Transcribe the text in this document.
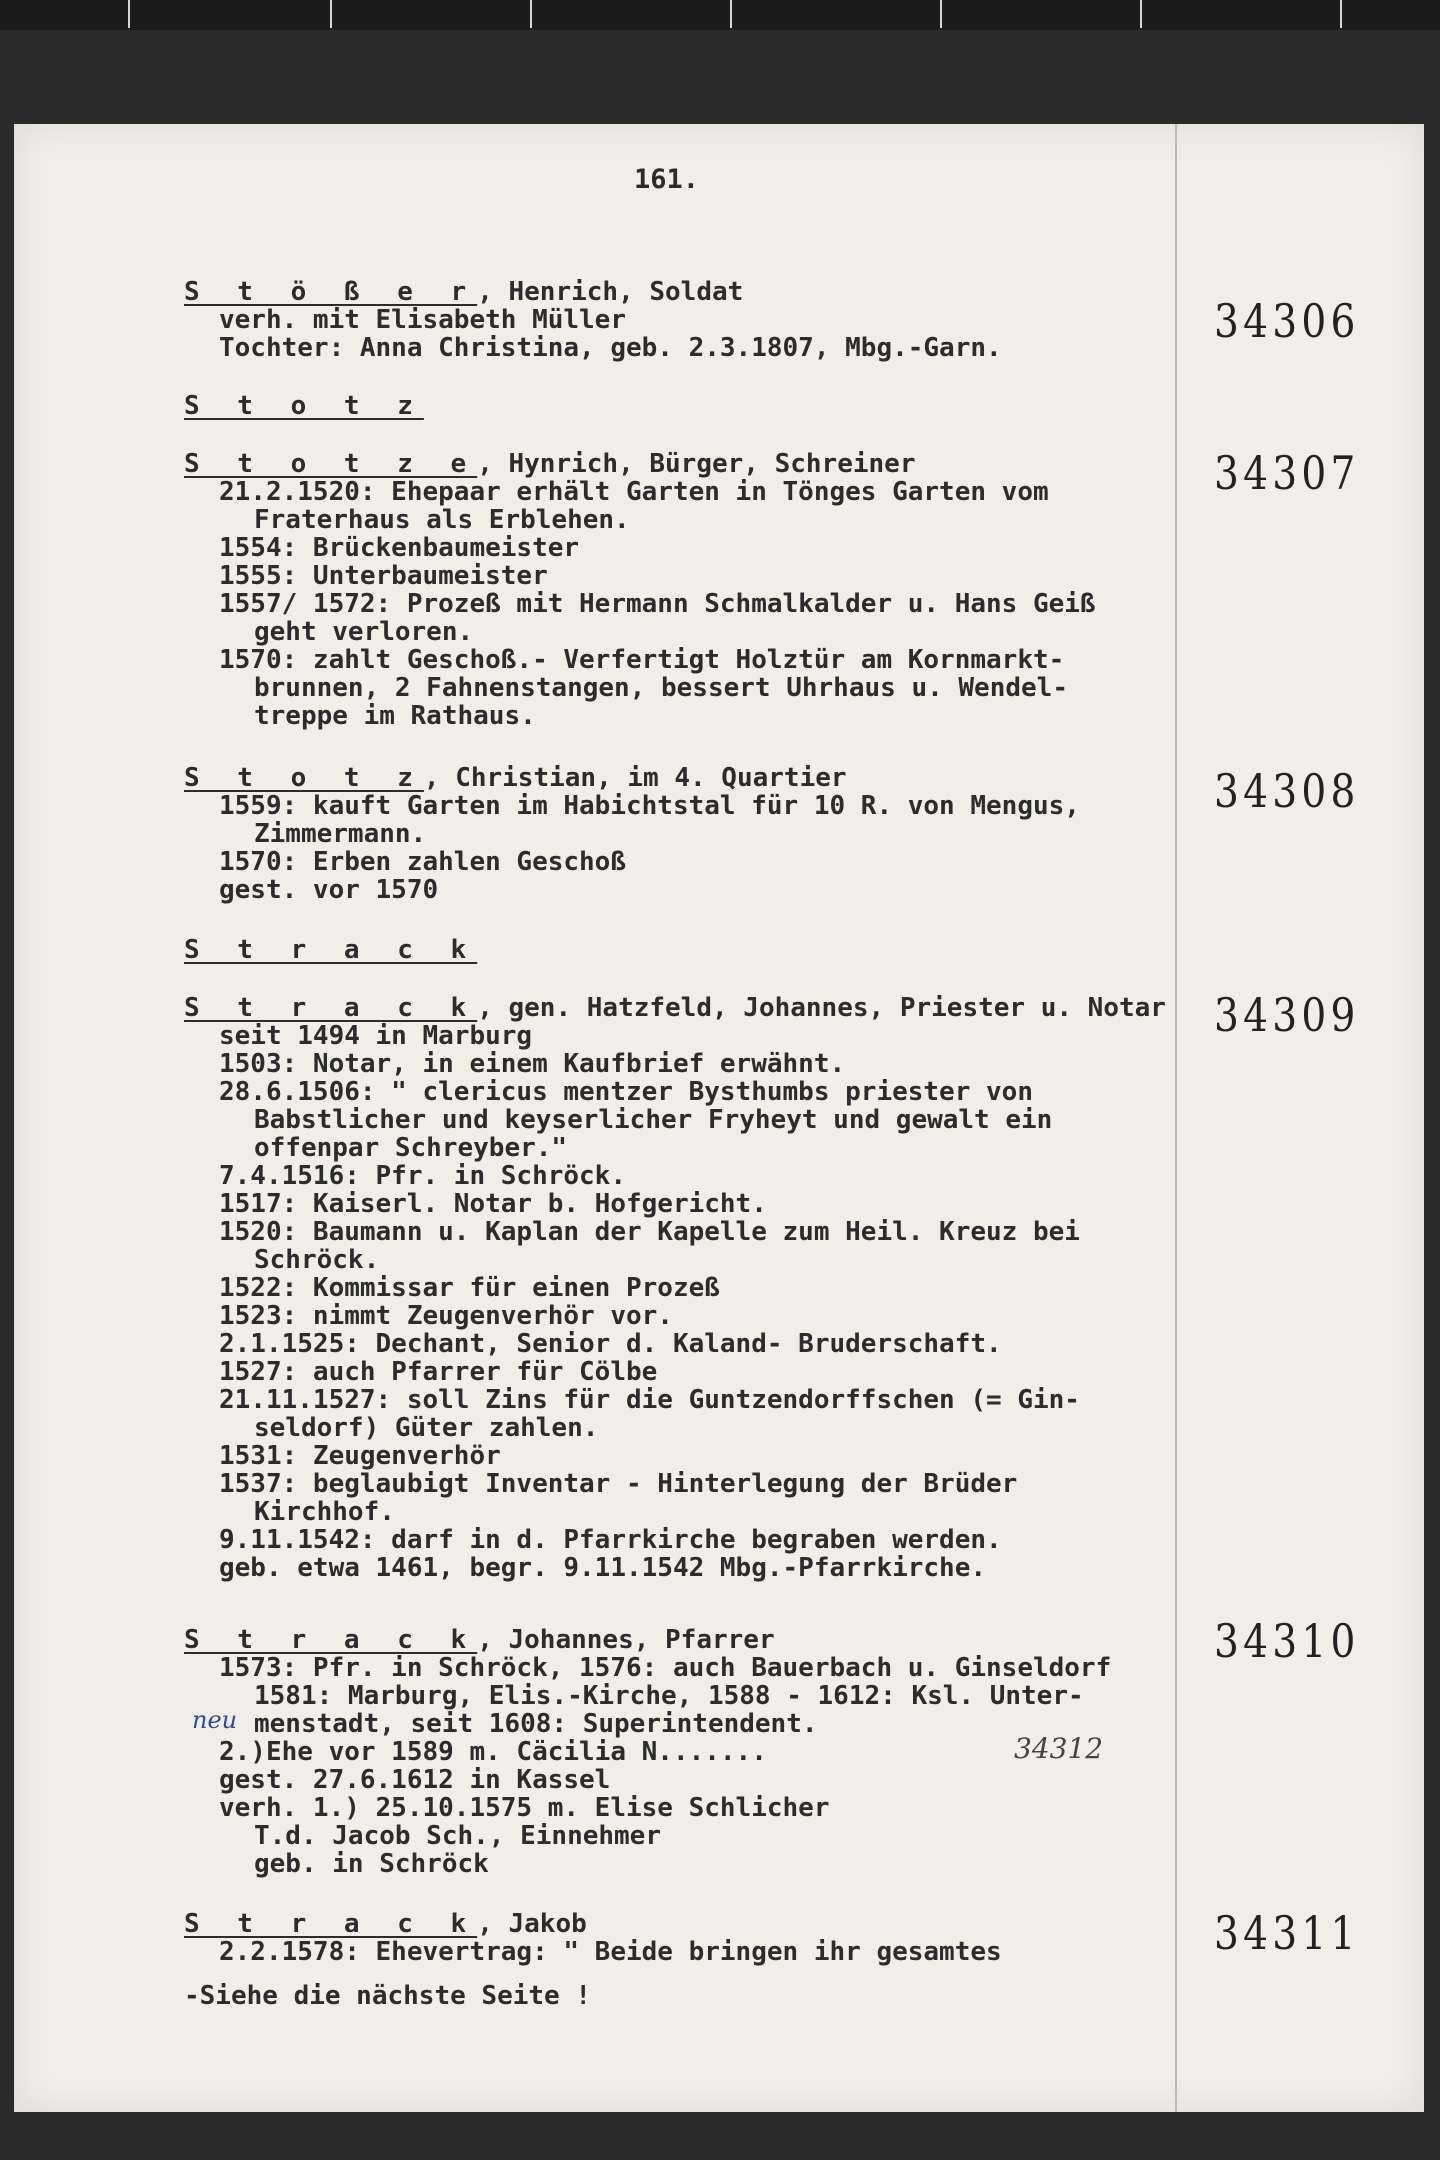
161.
S t ö ß e r, Henrich, Soldat
verh. mit Elisabeth Müller
Tochter: Anna Christina, geb. 2.3.1807, Mbg.-Garn.	34306
S t o t z
S t o t z e, Hynrich, Bürger, Schreiner
21.2.1520: Ehepaar erhält Garten in Tönges Garten vom
Fraterhaus als Erblehen.
1554: Brückenbaumeister
1555: Unterbaumeister
1557/ 1572: Prozeß mit Hermann Schmalkalder u. Hans Geiß
geht verloren.
1570: zahlt Geschoß.- Verfertigt Holztür am Kornmarkt-
brunnen, 2 Fahnenstangen, bessert Uhrhaus u. Wendel-
treppe im Rathaus.
34307
S t o t z, Christian, im 4. Quartier
1559: kauft Garten im Habichtstal für 10 R. von Mengus,
Zimmermann.
1570: Erben zahlen Geschoß
gest. vor 1570
34308
S t r a c k
S t r a c k, gen. Hatzfeld, Johannes, Priester u. Notar
seit 1494 in Marburg
1503: Notar, in einem Kaufbrief erwähnt.
28.6.1506: " clericus mentzer Bysthumbs priester von
Babstlicher und keyserlicher Fryheyt und gewalt ein
offenpar Schreyber."
7.4.1516: Pfr. in Schröck.
1517: Kaiserl. Notar b. Hofgericht.
1520: Baumann u. Kaplan der Kapelle zum Heil. Kreuz bei
Schröck.
1522: Kommissar für einen Prozeß
1523: nimmt Zeugenverhör vor.
2.1.1525: Dechant, Senior d. Kaland- Bruderschaft.
1527: auch Pfarrer für Cölbe
21.11.1527: soll Zins für die Guntzendorffschen (= Gin-
seldorf) Güter zahlen.
1531: Zeugenverhör
1537: beglaubigt Inventar - Hinterlegung der Brüder
Kirchhof.
9.11.1542: darf in d. Pfarrkirche begraben werden.
geb. etwa 1461, begr. 9.11.1542 Mbg.-Pfarrkirche.
34309
S t r a c k, Johannes, Pfarrer
1573: Pfr. in Schröck, 1576: auch Bauerbach u. Ginseldorf
1581: Marburg, Elis.-Kirche, 1588 - 1612: Ksl. Unter-
menstadt, seit 1608: Superintendent.
2.)Ehe vor 1589 m. Cäcilia N.......
gest. 27.6.1612 in Kassel
verh. 1.) 25.10.1575 m. Elise Schlicher
T.d. Jacob Sch., Einnehmer
geb. in Schröck
34310
neu
34312
S t r a c k, Jakob
2.2.1578: Ehevertrag: " Beide bringen ihr gesamtes	34311
-Siehe die nächste Seite !
